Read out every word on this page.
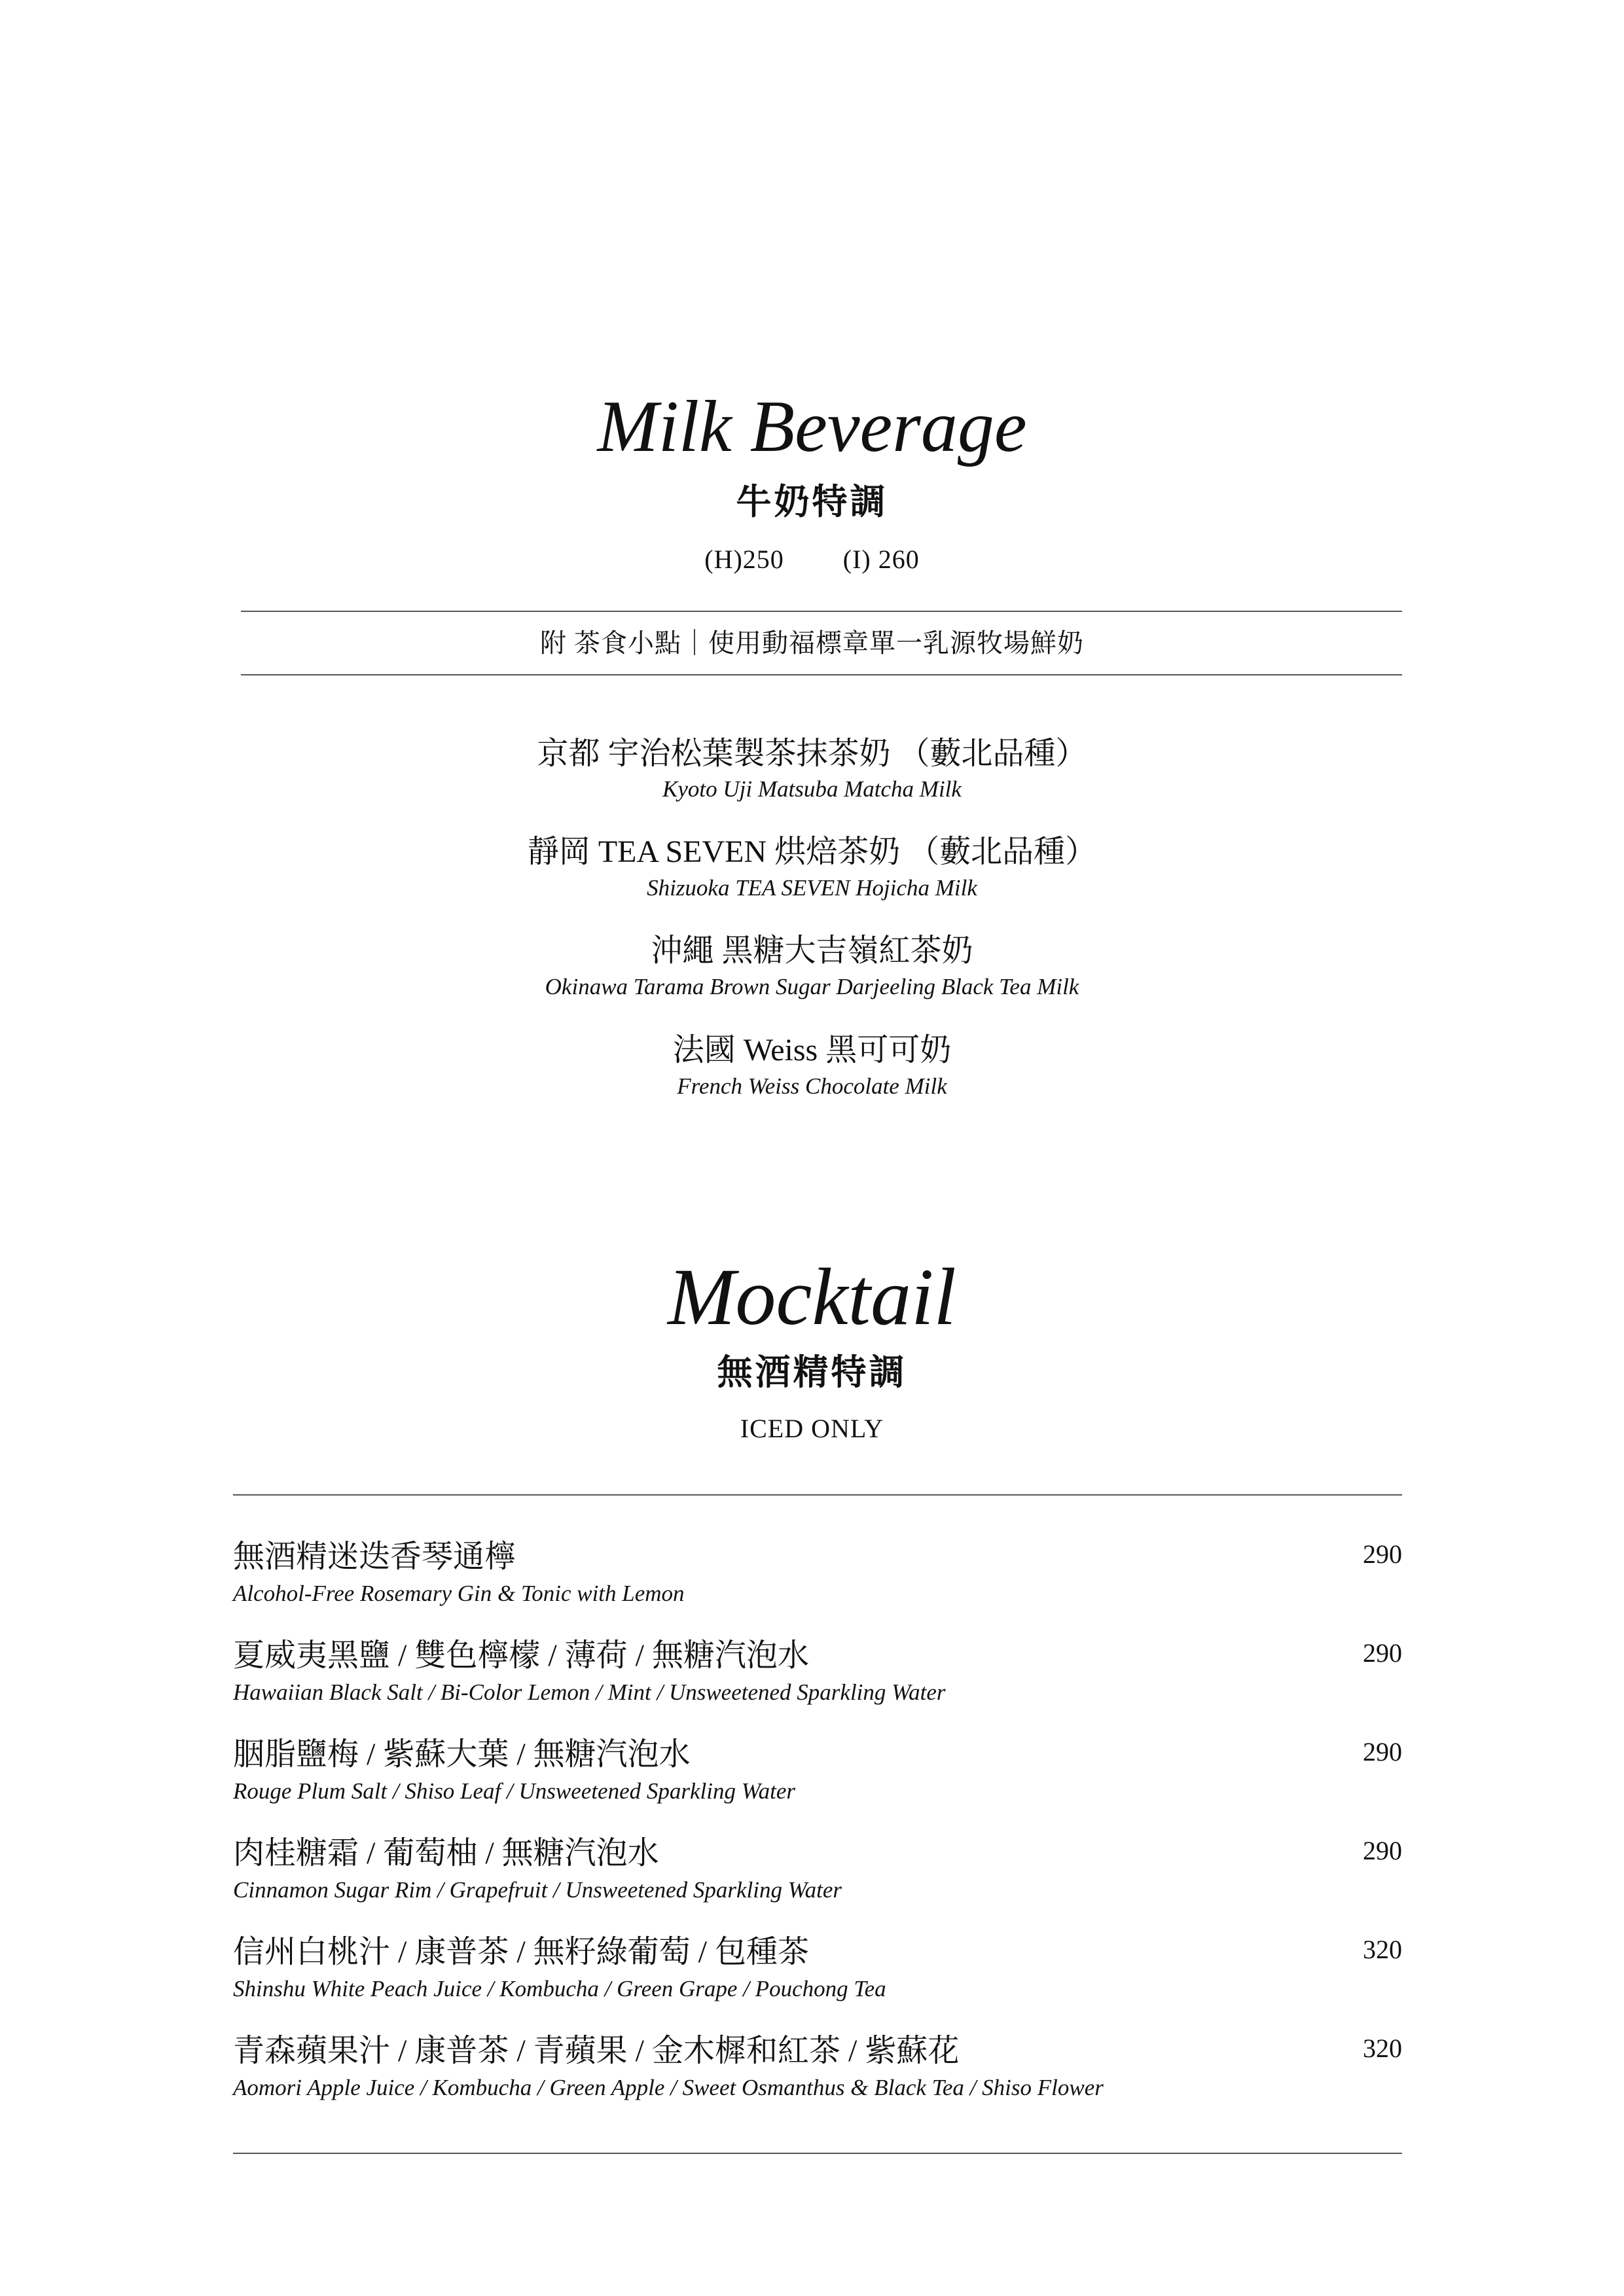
Milk Beverage
牛奶特調
(H)250 (I) 260
附 茶食小點｜使用動福標章單一乳源牧場鮮奶
京都 宇治松葉製茶抹茶奶 （藪北品種）
Kyoto Uji Matsuba Matcha Milk
靜岡 TEA SEVEN 烘焙茶奶 （藪北品種）
Shizuoka TEA SEVEN Hojicha Milk
沖繩 黑糖大吉嶺紅茶奶
Okinawa Tarama Brown Sugar Darjeeling Black Tea Milk
法國 Weiss 黑可可奶
French Weiss Chocolate Milk
Mocktail
無酒精特調
ICED ONLY
無酒精迷迭香琴通檸
Alcohol-Free Rosemary Gin & Tonic with Lemon
290
夏威夷黑鹽 / 雙色檸檬 / 薄荷 / 無糖汽泡水
Hawaiian Black Salt / Bi-Color Lemon / Mint / Unsweetened Sparkling Water
290
胭脂鹽梅 / 紫蘇大葉 / 無糖汽泡水
Rouge Plum Salt / Shiso Leaf / Unsweetened Sparkling Water
290
肉桂糖霜 / 葡萄柚 / 無糖汽泡水
Cinnamon Sugar Rim / Grapefruit / Unsweetened Sparkling Water
290
信州白桃汁 / 康普茶 / 無籽綠葡萄 / 包種茶
Shinshu White Peach Juice / Kombucha / Green Grape / Pouchong Tea
320
青森蘋果汁 / 康普茶 / 青蘋果 / 金木樨和紅茶 / 紫蘇花
Aomori Apple Juice / Kombucha / Green Apple / Sweet Osmanthus & Black Tea / Shiso Flower
320
